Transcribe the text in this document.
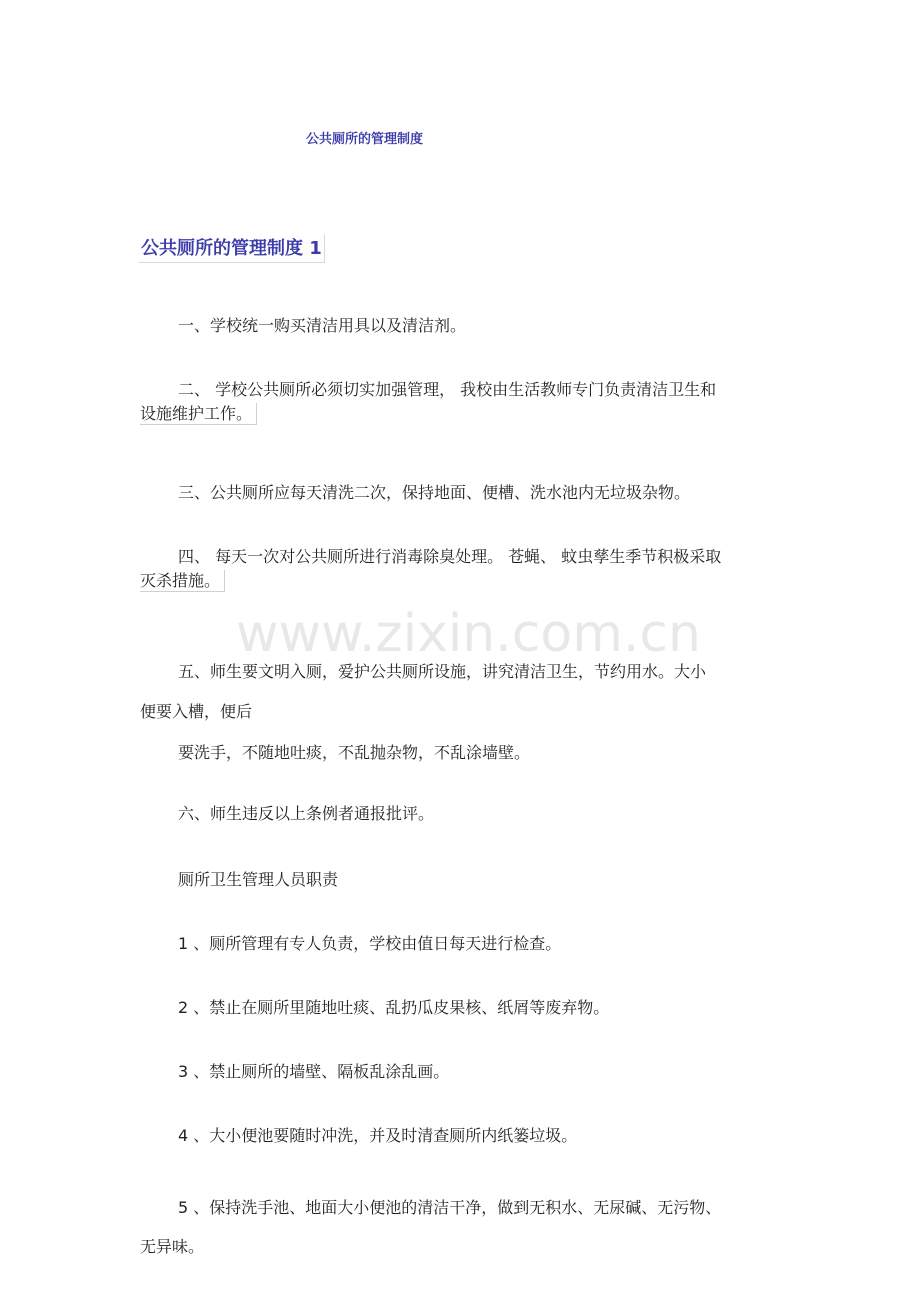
公共厕所的管理制度
公共厕所的管理制度 1
www.zixin.com.cn
一、学校统一购买清洁用具以及清洁剂。
二、 学校公共厕所必须切实加强管理， 我校由生活教师专门负责清洁卫生和
设施维护工作。
三、公共厕所应每天清洗二次，保持地面、便槽、洗水池内无垃圾杂物。
四、 每天一次对公共厕所进行消毒除臭处理。 苍蝇、 蚊虫孳生季节积极采取
灭杀措施。
五、师生要文明入厕，爱护公共厕所设施，讲究清洁卫生，节约用水。大小
便要入槽，便后
要洗手，不随地吐痰，不乱抛杂物，不乱涂墙壁。
六、师生违反以上条例者通报批评。
厕所卫生管理人员职责
1 、厕所管理有专人负责，学校由值日每天进行检查。
2 、禁止在厕所里随地吐痰、乱扔瓜皮果核、纸屑等废弃物。
3 、禁止厕所的墙壁、隔板乱涂乱画。
4 、大小便池要随时冲洗，并及时清查厕所内纸篓垃圾。
5 、保持洗手池、地面大小便池的清洁干净，做到无积水、无尿碱、无污物、
无异味。
